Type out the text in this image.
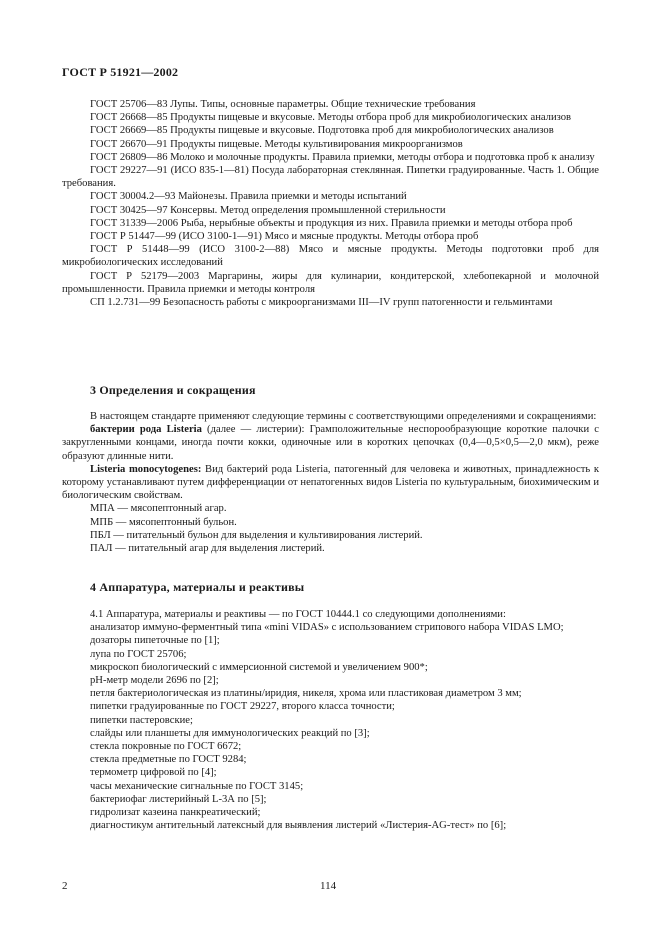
ГОСТ Р 51921—2002

ГОСТ 25706—83 Лупы. Типы, основные параметры. Общие технические требования

ГОСТ 26668—85 Продукты пищевые и вкусовые. Методы отбора проб для микробиологических анализов

ГОСТ 26669—85 Продукты пищевые и вкусовые. Подготовка проб для микробиологических анализов

ГОСТ 26670—91 Продукты пищевые. Методы культивирования микроорганизмов

ГОСТ 26809—86 Молоко и молочные продукты. Правила приемки, методы отбора и подготовка проб к анализу

ГОСТ 29227—91 (ИСО 835-1—81) Посуда лабораторная стеклянная. Пипетки градуированные. Часть 1. Общие требования.

ГОСТ 30004.2—93 Майонезы. Правила приемки и методы испытаний

ГОСТ 30425—97 Консервы. Метод определения промышленной стерильности

ГОСТ 31339—2006 Рыба, нерыбные объекты и продукция из них. Правила приемки и методы отбора проб

ГОСТ Р 51447—99 (ИСО 3100-1—91) Мясо и мясные продукты. Методы отбора проб

ГОСТ Р 51448—99 (ИСО 3100-2—88) Мясо и мясные продукты. Методы подготовки проб для микробиологических исследований

ГОСТ Р 52179—2003 Маргарины, жиры для кулинарии, кондитерской, хлебопекарной и молочной промышленности. Правила приемки и методы контроля

СП 1.2.731—99 Безопасность работы с микроорганизмами III—IV групп патогенности и гельминтами

3 Определения и сокращения

В настоящем стандарте применяют следующие термины с соответствующими определениями и сокращениями:

бактерии рода Listeria (далее — листерии): Грамположительные неспорообразующие короткие палочки с закругленными концами, иногда почти кокки, одиночные или в коротких цепочках (0,4—0,5×0,5—2,0 мкм), реже образуют длинные нити.

Listeria monocytogenes: Вид бактерий рода Listeria, патогенный для человека и животных, принадлежность к которому устанавливают путем дифференциации от непатогенных видов Listeria по культуральным, биохимическим и биологическим свойствам.

МПА — мясопептонный агар.

МПБ — мясопептонный бульон.

ПБЛ — питательный бульон для выделения и культивирования листерий.

ПАЛ — питательный агар для выделения листерий.

4 Аппаратура, материалы и реактивы

4.1 Аппаратура, материалы и реактивы — по ГОСТ 10444.1 со следующими дополнениями:

анализатор иммуно-ферментный типа «mini VIDAS» с использованием стрипового набора VIDAS LMO;

дозаторы пипеточные по [1];

лупа по ГОСТ 25706;

микроскоп биологический с иммерсионной системой и увеличением 900*;

рН-метр модели 2696 по [2];

петля бактериологическая из платины/иридия, никеля, хрома или пластиковая диаметром 3 мм;

пипетки градуированные по ГОСТ 29227, второго класса точности;

пипетки пастеровские;

слайды или планшеты для иммунологических реакций по [3];

стекла покровные по ГОСТ 6672;

стекла предметные по ГОСТ 9284;

термометр цифровой по [4];

часы механические сигнальные по ГОСТ 3145;

бактериофаг листерийный L-3А по [5];

гидролизат казеина панкреатический;

диагностикум антительный латексный для выявления листерий «Листерия-AG-тест» по [6];

2	114
